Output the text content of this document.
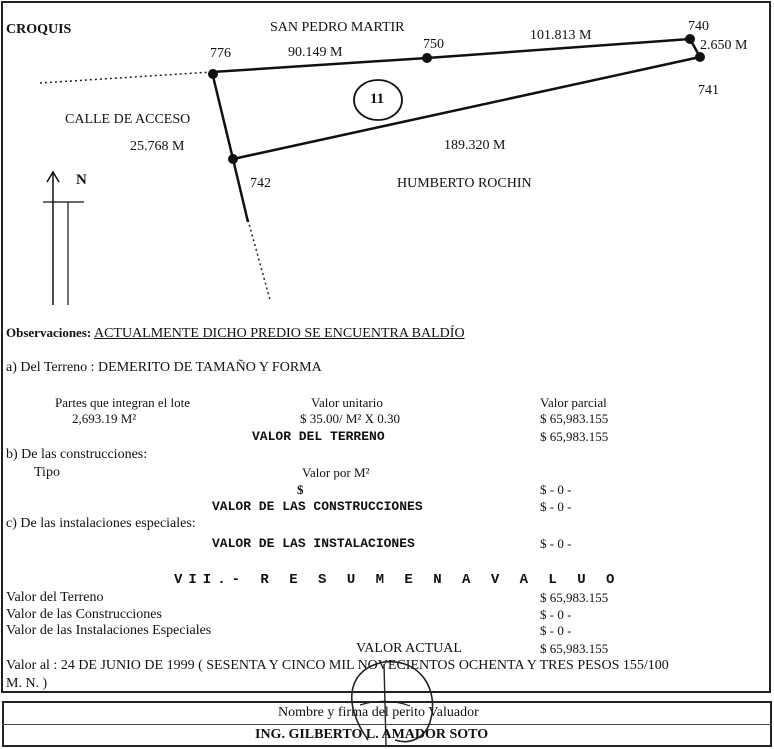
CROQUIS	SAN PEDRO MARTIR
CALLE DE ACCESO
HUMBERTO ROCHIN
11
N
776
750
740
741
742
90.149 M
101.813 M
2.650 M
25.768 M	189.320 M
Observaciones: ACTUALMENTE DICHO PREDIO SE ENCUENTRA BALDÍO
a) Del Terreno : DEMERITO DE TAMAÑO Y FORMA
Partes que integran el lote	Valor unitario	Valor parcial
2,693.19 M²	$ 35.00/ M² X 0.30	$ 65,983.155
VALOR DEL TERRENO	$ 65,983.155
b) De las construcciones:
Tipo	Valor por M²
$	$ - 0 -
VALOR DE LAS CONSTRUCCIONES	$ - 0 -
c) De las instalaciones especiales:
VALOR DE LAS INSTALACIONES	$ - 0 -
VII.- R E S U M E N A V A L U O
Valor del Terreno	$ 65,983.155
Valor de las Construcciones	$ - 0 -
Valor de las Instalaciones Especiales	$ - 0 -
VALOR ACTUAL	$ 65,983.155
Valor al : 24 DE JUNIO DE 1999 ( SESENTA Y CINCO MIL NOVECIENTOS OCHENTA Y TRES PESOS 155/100
M. N. )
Nombre y firma del perito Valuador
ING. GILBERTO L. AMADOR SOTO
